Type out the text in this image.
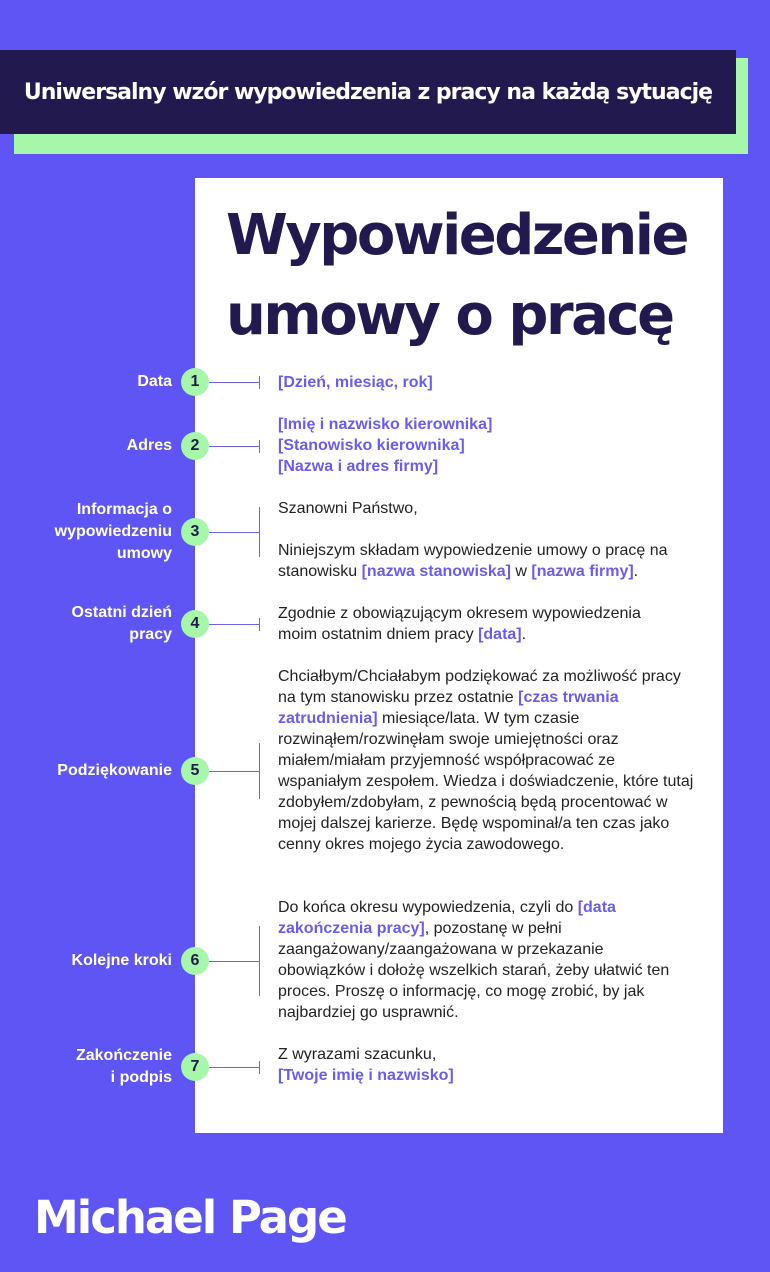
Uniwersalny wzór wypowiedzenia z pracy na każdą sytuację
Wypowiedzenie
umowy o pracę
Data
Adres
Informacja o
wypowiedzeniu
umowy
Ostatni dzień
pracy
Podziękowanie
Kolejne kroki
Zakończenie
i podpis
1
2
3
4
5
6
7
[Dzień, miesiąc, rok]
[Imię i nazwisko kierownika]
[Stanowisko kierownika]
[Nazwa i adres firmy]
Szanowni Państwo,

Niniejszym składam wypowiedzenie umowy o pracę na stanowisku [nazwa stanowiska] w [nazwa firmy].

Zgodnie z obowiązującym okresem wypowiedzenia moim ostatnim dniem pracy [data].

Chciałbym/Chciałabym podziękować za możliwość pracy na tym stanowisku przez ostatnie [czas trwania zatrudnienia] miesiące/lata. W tym czasie rozwinąłem/rozwinęłam swoje umiejętności oraz miałem/miałam przyjemność współpracować ze wspaniałym zespołem. Wiedza i doświadczenie, które tutaj zdobyłem/zdobyłam, z pewnością będą procentować w mojej dalszej karierze. Będę wspominał/a ten czas jako cenny okres mojego życia zawodowego.

Do końca okresu wypowiedzenia, czyli do [data zakończenia pracy], pozostanę w pełni zaangażowany/zaangażowana w przekazanie obowiązków i dołożę wszelkich starań, żeby ułatwić ten proces. Proszę o informację, co mogę zrobić, by jak najbardziej go usprawnić.

Z wyrazami szacunku,
[Twoje imię i nazwisko]
Michael Page
